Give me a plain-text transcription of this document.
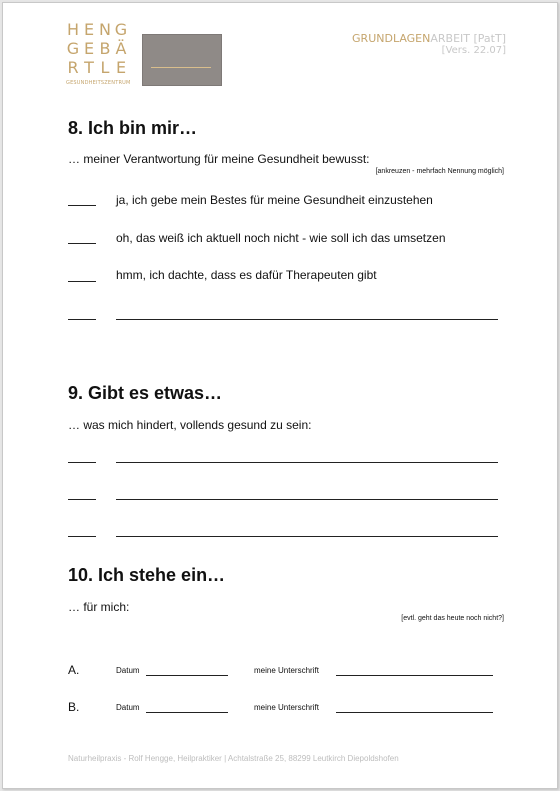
H E N G
G E B Ä
R T L E
GESUNDHEITSZENTRUM
GRUNDLAGENARBEIT [PatT]
[Vers. 22.07]
8. Ich bin mir…
… meiner Verantwortung für meine Gesundheit bewusst:
[ankreuzen - mehrfach Nennung möglich]
ja, ich gebe mein Bestes für meine Gesundheit einzustehen
oh, das weiß ich aktuell noch nicht - wie soll ich das umsetzen
hmm, ich dachte, dass es dafür Therapeuten gibt
9. Gibt es etwas…
… was mich hindert, vollends gesund zu sein:
10. Ich stehe ein…
… für mich:
[evtl. geht das heute noch nicht?]
A.	Datum	meine Unterschrift
B.	Datum	meine Unterschrift
Naturheilpraxis - Rolf Hengge, Heilpraktiker | Achtalstraße 25, 88299 Leutkirch Diepoldshofen
